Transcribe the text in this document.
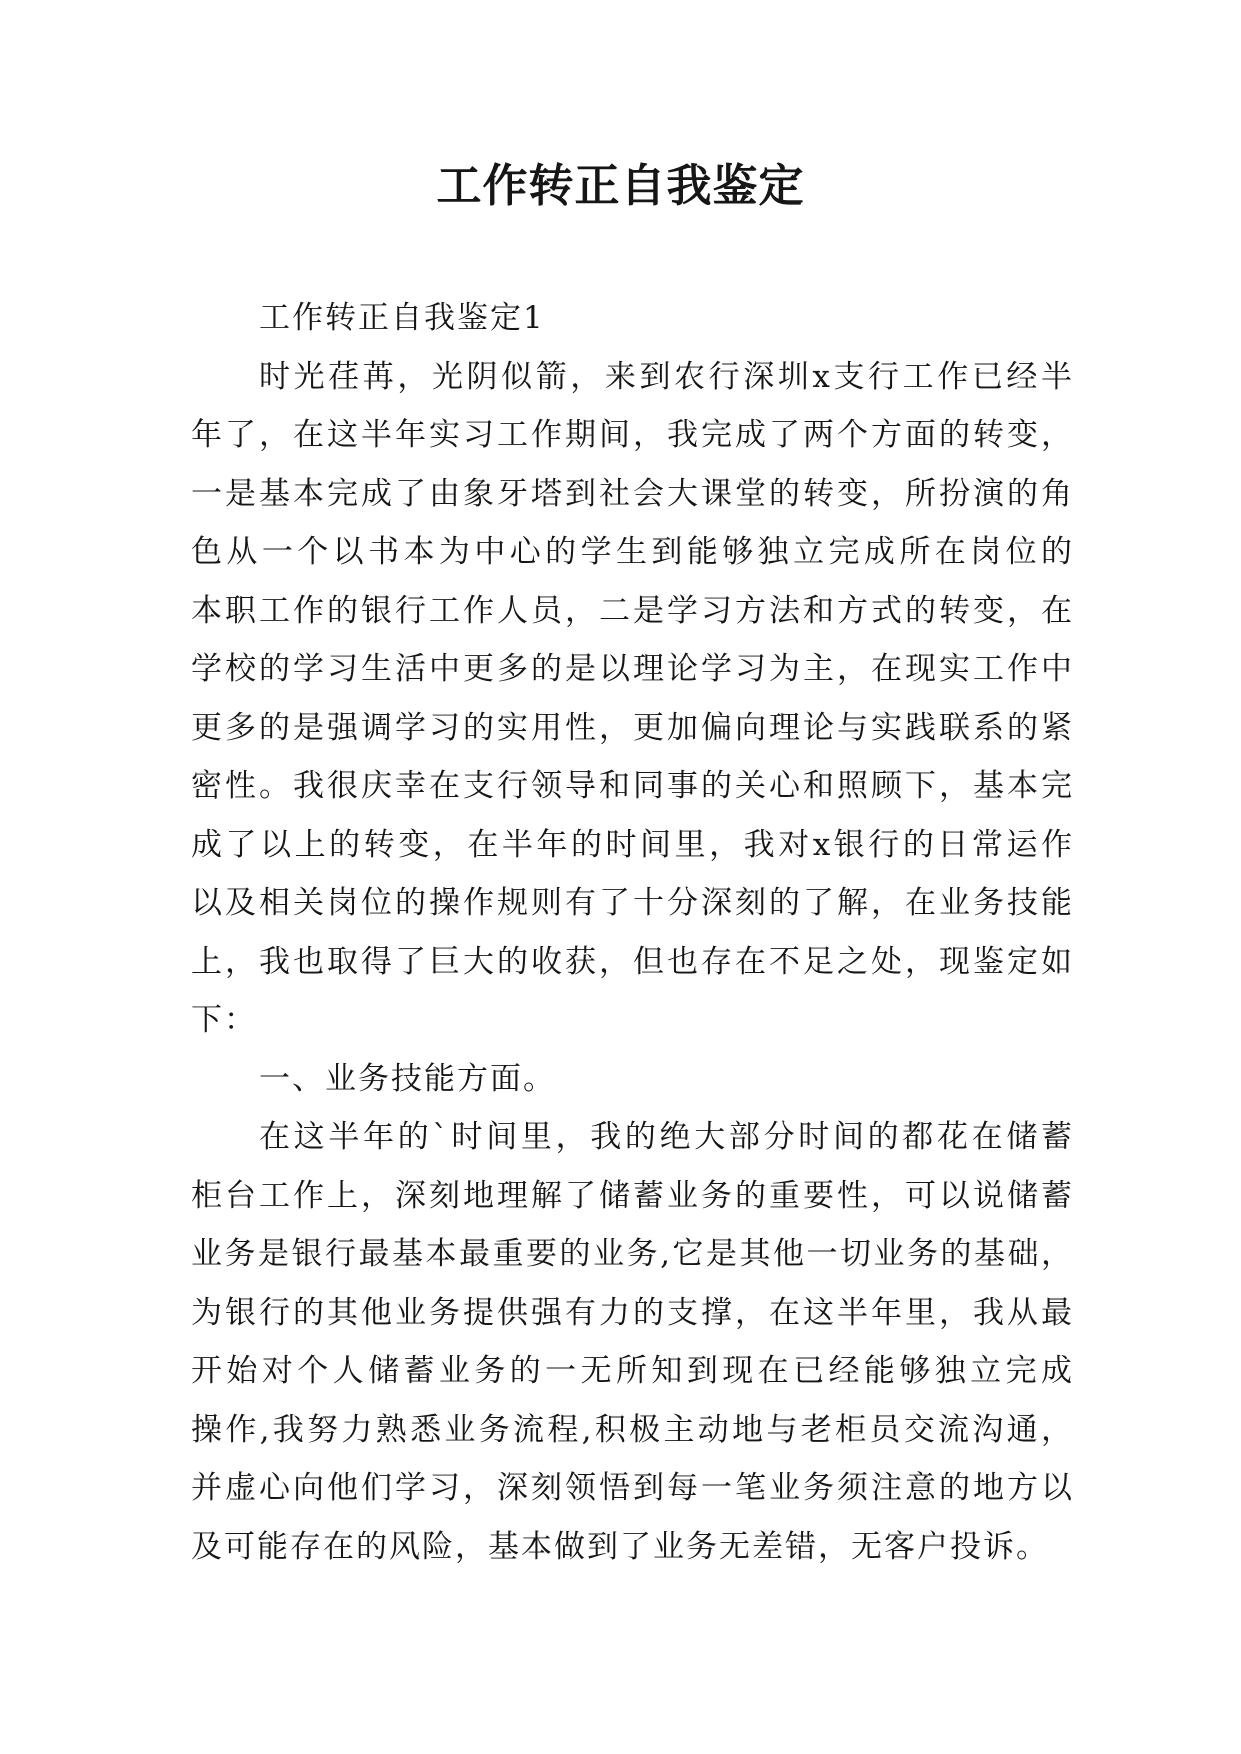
工作转正自我鉴定
工作转正自我鉴定1
时光荏苒，光阴似箭，来到农行深圳x支行工作已经半
年了，在这半年实习工作期间，我完成了两个方面的转变，
一是基本完成了由象牙塔到社会大课堂的转变，所扮演的角
色从一个以书本为中心的学生到能够独立完成所在岗位的
本职工作的银行工作人员，二是学习方法和方式的转变，在
学校的学习生活中更多的是以理论学习为主，在现实工作中
更多的是强调学习的实用性，更加偏向理论与实践联系的紧
密性。我很庆幸在支行领导和同事的关心和照顾下，基本完
成了以上的转变，在半年的时间里，我对x银行的日常运作
以及相关岗位的操作规则有了十分深刻的了解，在业务技能
上，我也取得了巨大的收获，但也存在不足之处，现鉴定如
下：
一、业务技能方面。
在这半年的`时间里，我的绝大部分时间的都花在储蓄
柜台工作上，深刻地理解了储蓄业务的重要性，可以说储蓄
业务是银行最基本最重要的业务,它是其他一切业务的基础，
为银行的其他业务提供强有力的支撑，在这半年里，我从最
开始对个人储蓄业务的一无所知到现在已经能够独立完成
操作,我努力熟悉业务流程,积极主动地与老柜员交流沟通，
并虚心向他们学习，深刻领悟到每一笔业务须注意的地方以
及可能存在的风险，基本做到了业务无差错，无客户投诉。
